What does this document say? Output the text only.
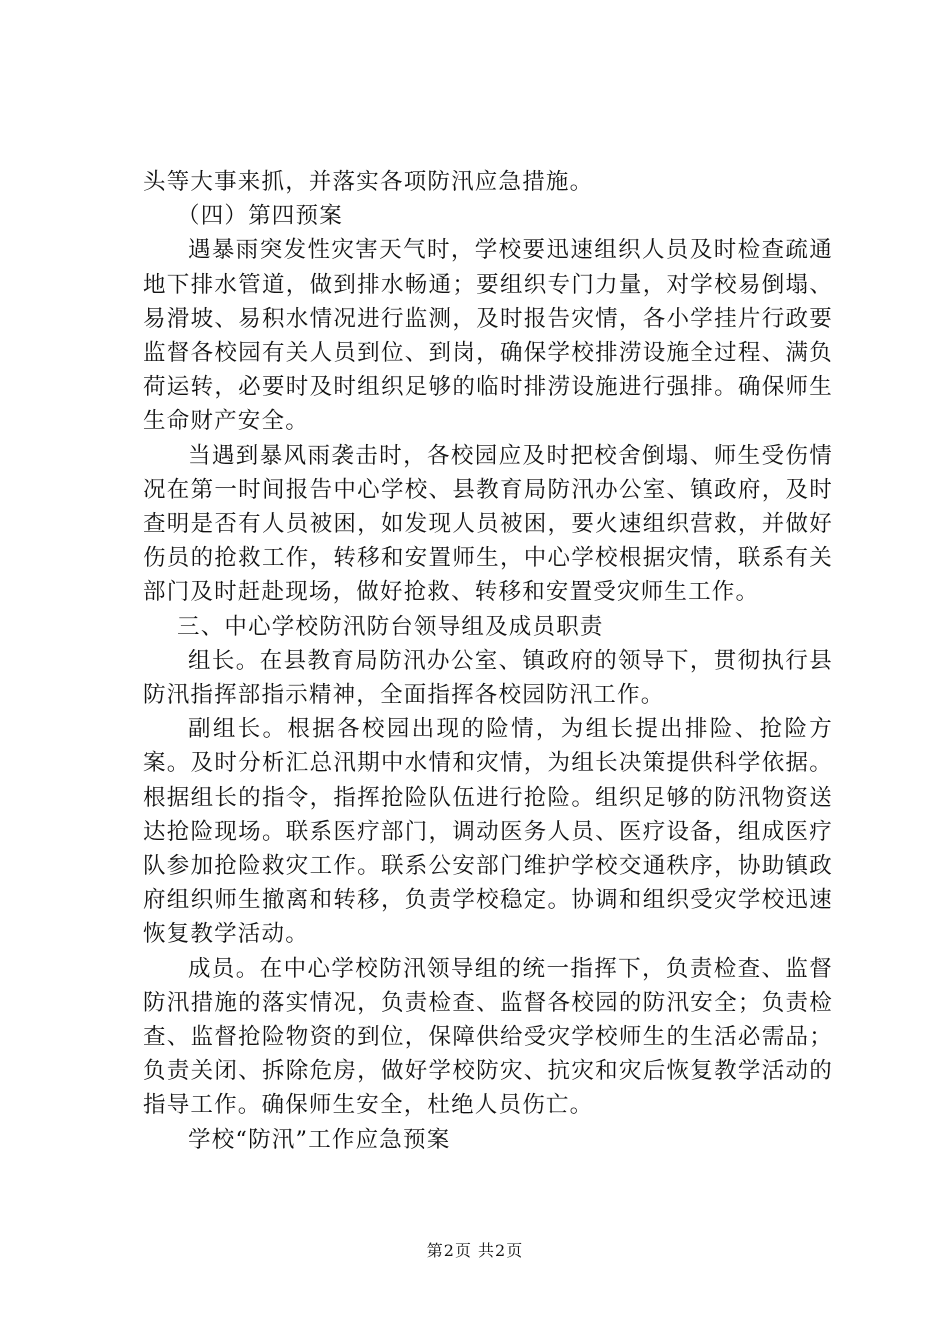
头等大事来抓，并落实各项防汛应急措施。

（四）第四预案

遇暴雨突发性灾害天气时，学校要迅速组织人员及时检查疏通地下排水管道，做到排水畅通；要组织专门力量，对学校易倒塌、易滑坡、易积水情况进行监测，及时报告灾情，各小学挂片行政要监督各校园有关人员到位、到岗，确保学校排涝设施全过程、满负荷运转，必要时及时组织足够的临时排涝设施进行强排。确保师生生命财产安全。

当遇到暴风雨袭击时，各校园应及时把校舍倒塌、师生受伤情况在第一时间报告中心学校、县教育局防汛办公室、镇政府，及时查明是否有人员被困，如发现人员被困，要火速组织营救，并做好伤员的抢救工作，转移和安置师生，中心学校根据灾情，联系有关部门及时赶赴现场，做好抢救、转移和安置受灾师生工作。

三、中心学校防汛防台领导组及成员职责

组长。在县教育局防汛办公室、镇政府的领导下，贯彻执行县防汛指挥部指示精神，全面指挥各校园防汛工作。

副组长。根据各校园出现的险情，为组长提出排险、抢险方案。及时分析汇总汛期中水情和灾情，为组长决策提供科学依据。根据组长的指令，指挥抢险队伍进行抢险。组织足够的防汛物资送达抢险现场。联系医疗部门，调动医务人员、医疗设备，组成医疗队参加抢险救灾工作。联系公安部门维护学校交通秩序，协助镇政府组织师生撤离和转移，负责学校稳定。协调和组织受灾学校迅速恢复教学活动。

成员。在中心学校防汛领导组的统一指挥下，负责检查、监督防汛措施的落实情况，负责检查、监督各校园的防汛安全；负责检查、监督抢险物资的到位，保障供给受灾学校师生的生活必需品；负责关闭、拆除危房，做好学校防灾、抗灾和灾后恢复教学活动的指导工作。确保师生安全，杜绝人员伤亡。

学校“防汛”工作应急预案

第2页 共2页
